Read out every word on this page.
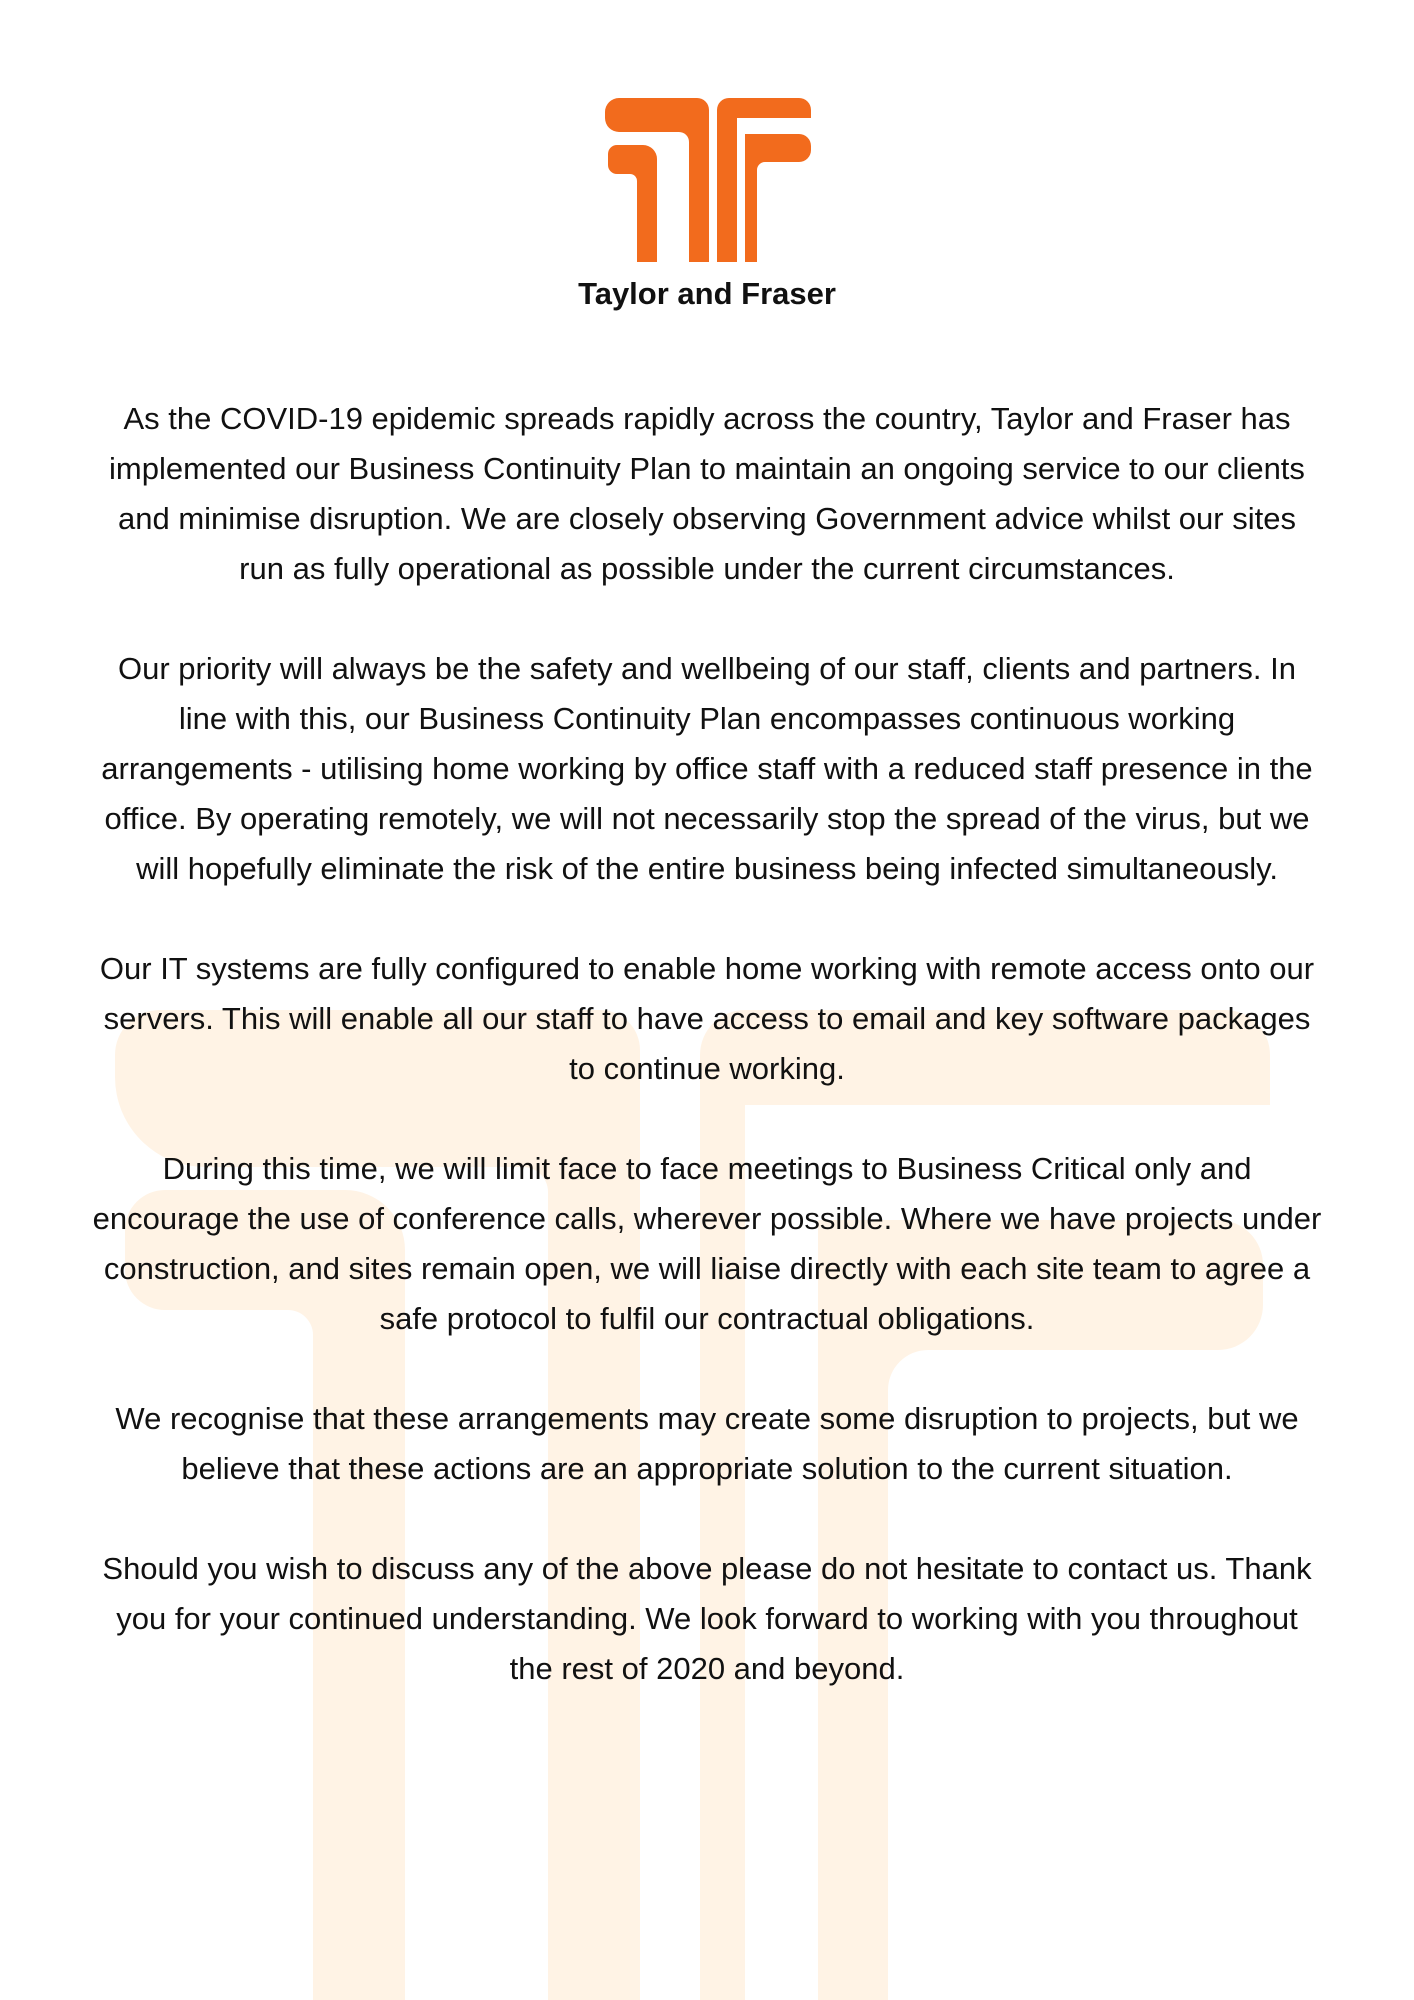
Taylor and Fraser

As the COVID-19 epidemic spreads rapidly across the country, Taylor and Fraser has implemented our Business Continuity Plan to maintain an ongoing service to our clients and minimise disruption. We are closely observing Government advice whilst our sites run as fully operational as possible under the current circumstances.

Our priority will always be the safety and wellbeing of our staff, clients and partners. In line with this, our Business Continuity Plan encompasses continuous working arrangements - utilising home working by office staff with a reduced staff presence in the office. By operating remotely, we will not necessarily stop the spread of the virus, but we will hopefully eliminate the risk of the entire business being infected simultaneously.

Our IT systems are fully configured to enable home working with remote access onto our servers. This will enable all our staff to have access to email and key software packages to continue working.

During this time, we will limit face to face meetings to Business Critical only and encourage the use of conference calls, wherever possible. Where we have projects under construction, and sites remain open, we will liaise directly with each site team to agree a safe protocol to fulfil our contractual obligations.

We recognise that these arrangements may create some disruption to projects, but we believe that these actions are an appropriate solution to the current situation.

Should you wish to discuss any of the above please do not hesitate to contact us. Thank you for your continued understanding. We look forward to working with you throughout the rest of 2020 and beyond.
